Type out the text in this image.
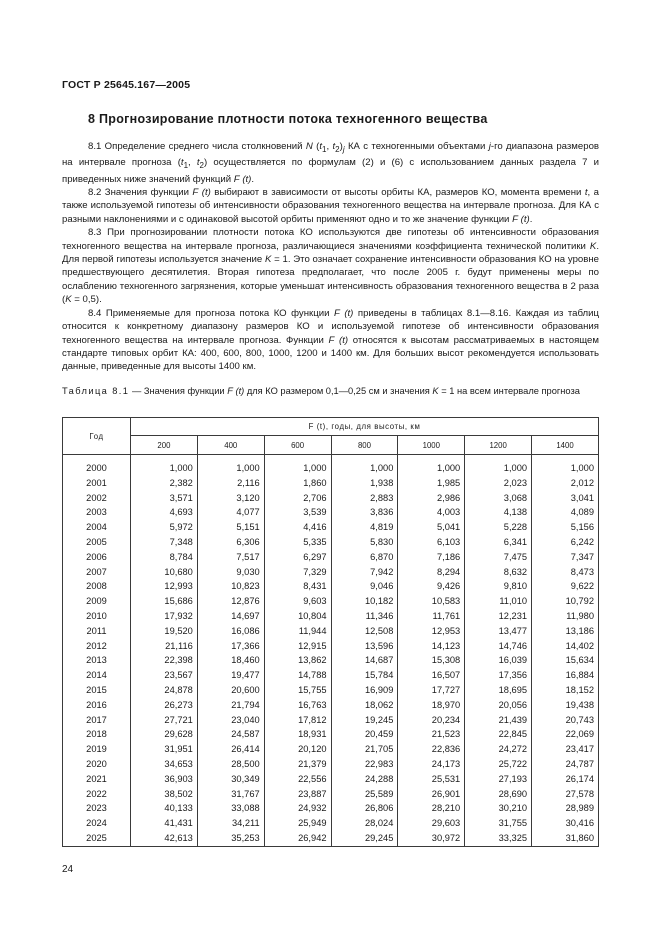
ГОСТ Р 25645.167—2005
8 Прогнозирование плотности потока техногенного вещества

8.1 Определение среднего числа столкновений N ($t_1$, $t_2)_j$ КА с техногенными объектами j-го диапазона размеров на интервале прогноза ($t_1$, $t_2$) осуществляется по формулам (2) и (6) с использованием данных раздела 7 и приведенных ниже значений функций F (t).

8.2 Значения функции F (t) выбирают в зависимости от высоты орбиты КА, размеров КО, момента времени t, а также используемой гипотезы об интенсивности образования техногенного вещества на интервале прогноза. Для КА с разными наклонениями и с одинаковой высотой орбиты применяют одно и то же значение функции F (t).

8.3 При прогнозировании плотности потока КО используются две гипотезы об интенсивности образования техногенного вещества на интервале прогноза, различающиеся значениями коэффициента технической политики K. Для первой гипотезы используется значение K = 1. Это означает сохранение интенсивности образования КО на уровне предшествующего десятилетия. Вторая гипотеза предполагает, что после 2005 г. будут применены меры по ослаблению техногенного загрязнения, которые уменьшат интенсивность образования техногенного вещества в 2 раза (K = 0,5).

8.4 Применяемые для прогноза потока КО функции F (t) приведены в таблицах 8.1—8.16. Каждая из таблиц относится к конкретному диапазону размеров КО и используемой гипотезе об интенсивности образования техногенного вещества на интервале прогноза. Функции F (t) относятся к высотам рассматриваемых в настоящем стандарте типовых орбит КА: 400, 600, 800, 1000, 1200 и 1400 км. Для больших высот рекомендуется использовать данные, приведенные для высоты 1400 км.

Таблица 8.1 — Значения функции F (t) для КО размером 0,1—0,25 см и значения K = 1 на всем интервале прогноза
Год	F (t), годы, для высоты, км						
	200	400	600	800	1000	1200	1400
2000	1,000	1,000	1,000	1,000	1,000	1,000	1,000
2001	2,382	2,116	1,860	1,938	1,985	2,023	2,012
2002	3,571	3,120	2,706	2,883	2,986	3,068	3,041
2003	4,693	4,077	3,539	3,836	4,003	4,138	4,089
2004	5,972	5,151	4,416	4,819	5,041	5,228	5,156
2005	7,348	6,306	5,335	5,830	6,103	6,341	6,242
2006	8,784	7,517	6,297	6,870	7,186	7,475	7,347
2007	10,680	9,030	7,329	7,942	8,294	8,632	8,473
2008	12,993	10,823	8,431	9,046	9,426	9,810	9,622
2009	15,686	12,876	9,603	10,182	10,583	11,010	10,792
2010	17,932	14,697	10,804	11,346	11,761	12,231	11,980
2011	19,520	16,086	11,944	12,508	12,953	13,477	13,186
2012	21,116	17,366	12,915	13,596	14,123	14,746	14,402
2013	22,398	18,460	13,862	14,687	15,308	16,039	15,634
2014	23,567	19,477	14,788	15,784	16,507	17,356	16,884
2015	24,878	20,600	15,755	16,909	17,727	18,695	18,152
2016	26,273	21,794	16,763	18,062	18,970	20,056	19,438
2017	27,721	23,040	17,812	19,245	20,234	21,439	20,743
2018	29,628	24,587	18,931	20,459	21,523	22,845	22,069
2019	31,951	26,414	20,120	21,705	22,836	24,272	23,417
2020	34,653	28,500	21,379	22,983	24,173	25,722	24,787
2021	36,903	30,349	22,556	24,288	25,531	27,193	26,174
2022	38,502	31,767	23,887	25,589	26,901	28,690	27,578
2023	40,133	33,088	24,932	26,806	28,210	30,210	28,989
2024	41,431	34,211	25,949	28,024	29,603	31,755	30,416
2025	42,613	35,253	26,942	29,245	30,972	33,325	31,860
24
